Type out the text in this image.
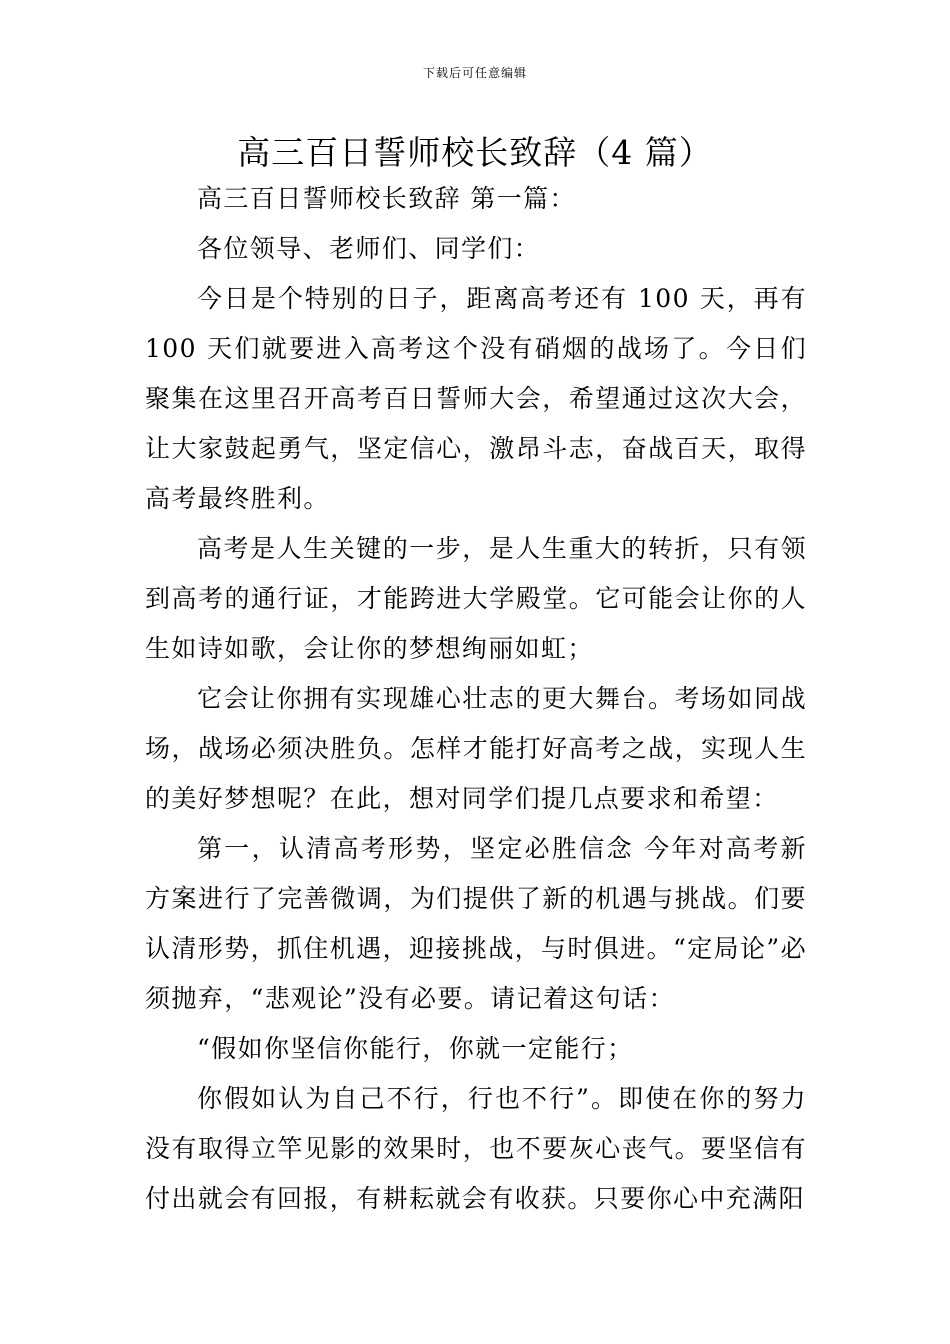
下载后可任意编辑
高三百日誓师校长致辞（4 篇）

高三百日誓师校长致辞 第一篇：

各位领导、老师们、同学们：

今日是个特别的日子，距离高考还有 100 天，再有 100 天们就要进入高考这个没有硝烟的战场了。今日们聚集在这里召开高考百日誓师大会，希望通过这次大会，让大家鼓起勇气，坚定信心，激昂斗志，奋战百天，取得高考最终胜利。

高考是人生关键的一步，是人生重大的转折，只有领到高考的通行证，才能跨进大学殿堂。它可能会让你的人生如诗如歌，会让你的梦想绚丽如虹；

它会让你拥有实现雄心壮志的更大舞台。考场如同战场，战场必须决胜负。怎样才能打好高考之战，实现人生的美好梦想呢？在此，想对同学们提几点要求和希望：

第一，认清高考形势，坚定必胜信念 今年对高考新方案进行了完善微调，为们提供了新的机遇与挑战。们要认清形势，抓住机遇，迎接挑战，与时俱进。“定局论”必须抛弃，“悲观论”没有必要。请记着这句话：

“假如你坚信你能行，你就一定能行；

你假如认为自己不行，行也不行”。即使在你的努力没有取得立竿见影的效果时，也不要灰心丧气。要坚信有付出就会有回报，有耕耘就会有收获。只要你心中充满阳
